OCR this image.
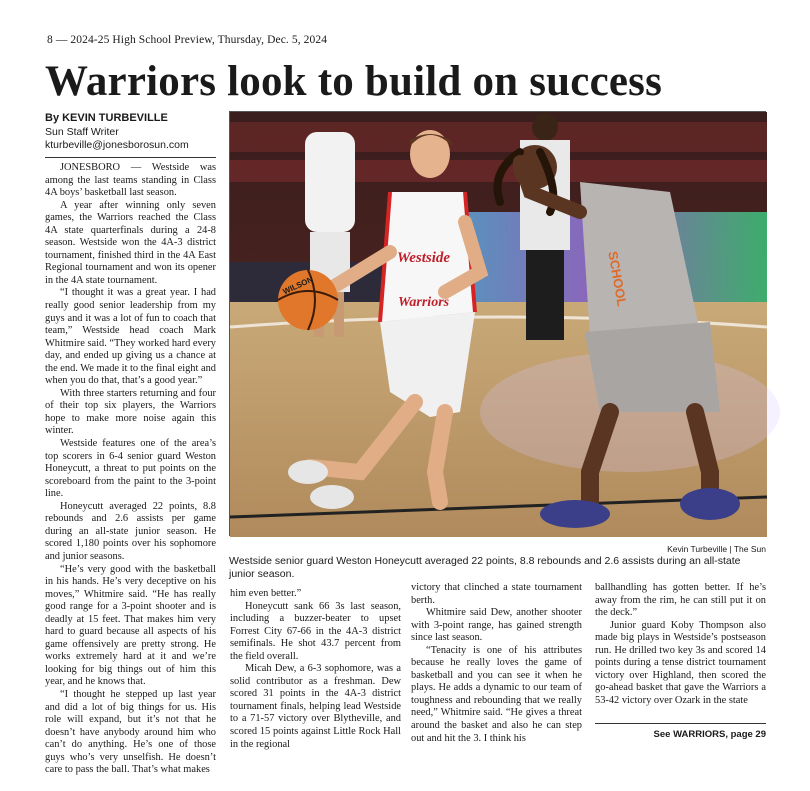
8 — 2024-25 High School Preview, Thursday, Dec. 5, 2024
Warriors look to build on success
By KEVIN TURBEVILLE
Sun Staff Writer
kturbeville@jonesborosun.com
Westside
Warriors
WILSON	SCHOOL
Kevin Turbeville | The Sun
Westside senior guard Weston Honeycutt averaged 22 points, 8.8 rebounds and 2.6 assists during an all-state junior season.

JONESBORO — Westside was among the last teams standing in Class 4A boys’ basketball last season.

A year after winning only seven games, the Warriors reached the Class 4A state quarterfinals during a 24-8 season. Westside won the 4A-3 district tournament, finished third in the 4A East Regional tournament and won its opener in the 4A state tournament.

“I thought it was a great year. I had really good senior leadership from my guys and it was a lot of fun to coach that team,” Westside head coach Mark Whitmire said. “They worked hard every day, and ended up giving us a chance at the end. We made it to the final eight and when you do that, that’s a good year.”

With three starters returning and four of their top six players, the Warriors hope to make more noise again this winter.

Westside features one of the area’s top scorers in 6-4 senior guard Weston Honeycutt, a threat to put points on the scoreboard from the paint to the 3-point line.

Honeycutt averaged 22 points, 8.8 rebounds and 2.6 assists per game during an all-state junior season. He scored 1,180 points over his sophomore and junior seasons.

“He’s very good with the basketball in his hands. He’s very deceptive on his moves,” Whitmire said. “He has really good range for a 3-point shooter and is deadly at 15 feet. That makes him very hard to guard because all aspects of his game offensively are pretty strong. He works extremely hard at it and we’re looking for big things out of him this year, and he knows that.

“I thought he stepped up last year and did a lot of big things for us. His role will expand, but it’s not that he doesn’t have anybody around him who can’t do anything. He’s one of those guys who’s very unselfish. He doesn’t care to pass the ball. That’s what makes

him even better.”

Honeycutt sank 66 3s last season, including a buzzer-beater to upset Forrest City 67-66 in the 4A-3 district semifinals. He shot 43.7 percent from the field overall.

Micah Dew, a 6-3 sophomore, was a solid contributor as a freshman. Dew scored 31 points in the 4A-3 district tournament finals, helping lead Westside to a 71-57 victory over Blytheville, and scored 15 points against Little Rock Hall in the regional

victory that clinched a state tournament berth.

Whitmire said Dew, another shooter with 3-point range, has gained strength since last season.

“Tenacity is one of his attributes because he really loves the game of basketball and you can see it when he plays. He adds a dynamic to our team of toughness and rebounding that we really need,” Whitmire said. “He gives a threat around the basket and also he can step out and hit the 3. I think his

ballhandling has gotten better. If he’s away from the rim, he can still put it on the deck.”

Junior guard Koby Thompson also made big plays in Westside’s postseason run. He drilled two key 3s and scored 14 points during a tense district tournament victory over Highland, then scored the go-ahead basket that gave the Warriors a 53-42 victory over Ozark in the state

See WARRIORS, page 29
